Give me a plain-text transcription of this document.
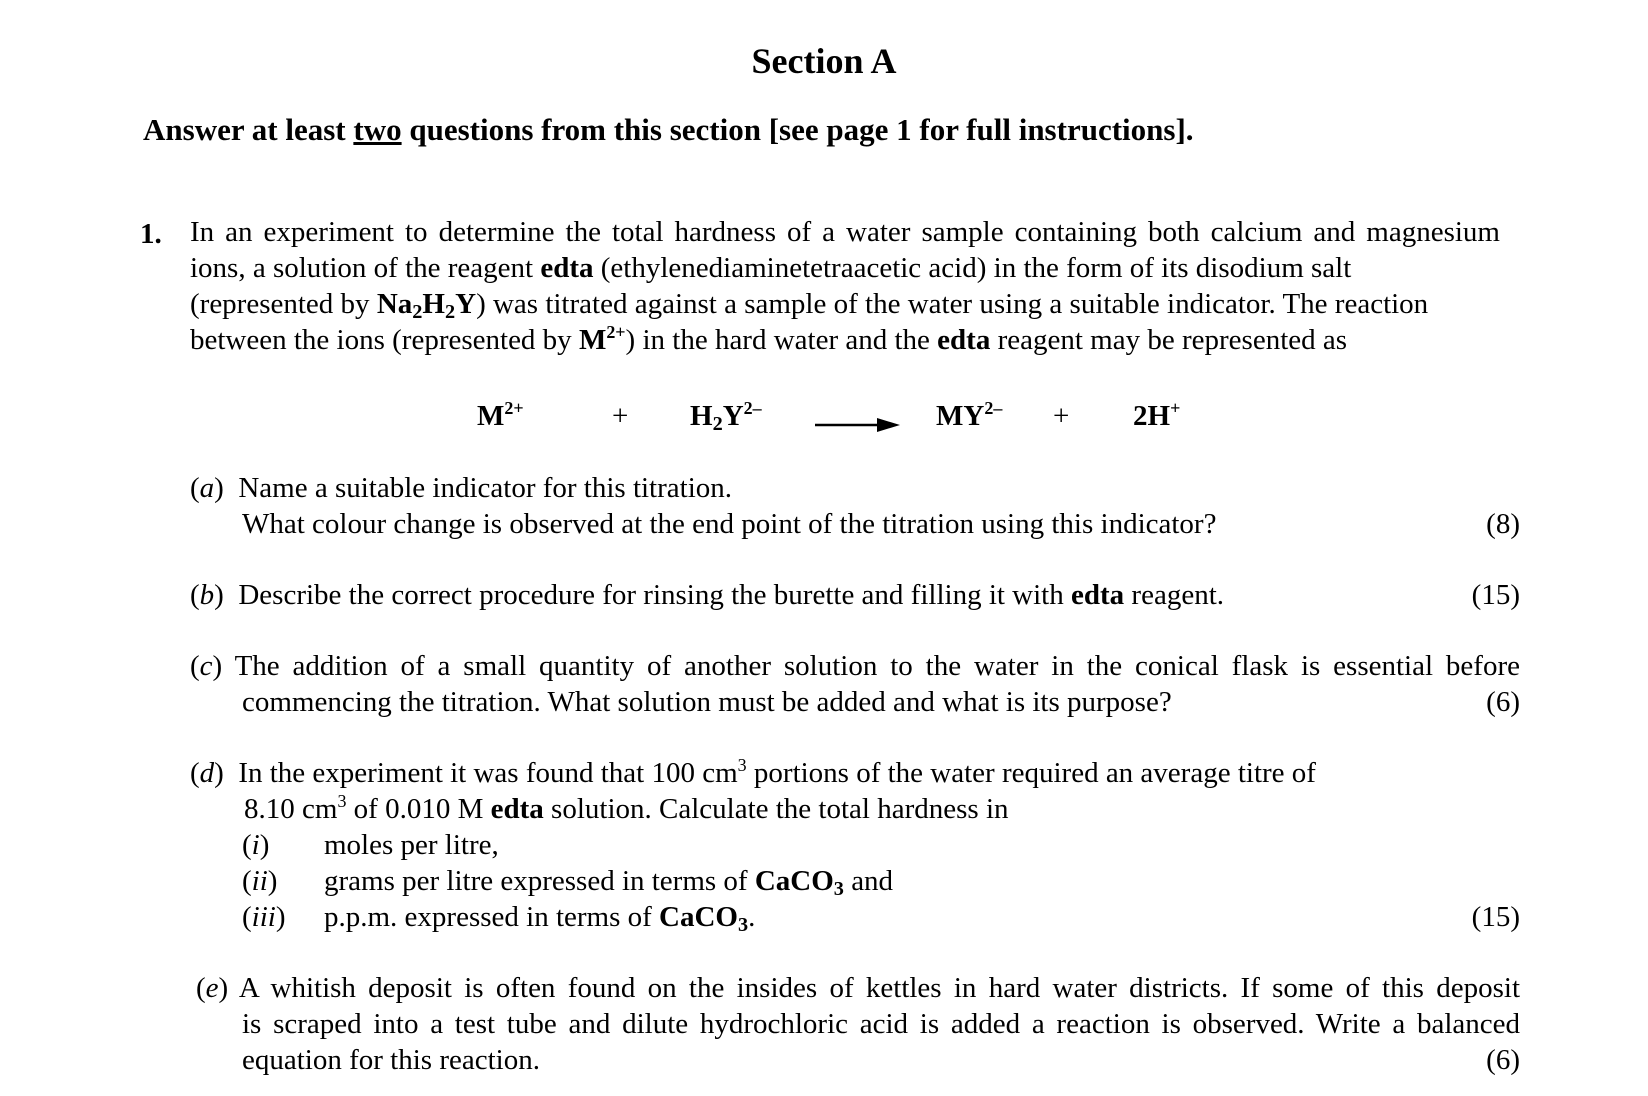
Section A
Answer at least two questions from this section [see page 1 for full instructions].
1. In an experiment to determine the total hardness of a water sample containing both calcium and magnesium
ions, a solution of the reagent edta (ethylenediaminetetraacetic acid) in the form of its disodium salt
(represented by $Na_2H_2Y$) was titrated against a sample of the water using a suitable indicator. The reaction
between the ions (represented by $M^{2+}$) in the hard water and the edta reagent may be represented as
$M^{2+}$	+ $H_2Y^{2-}$	$MY^{2-} + 2H^+$
(a)  Name a suitable indicator for this titration.
What colour change is observed at the end point of the titration using this indicator?	(8)
(b)  Describe the correct procedure for rinsing the burette and filling it with edta reagent.	(15)
(c) The addition of a small quantity of another solution to the water in the conical flask is essential before
commencing the titration. What solution must be added and what is its purpose?	(6)
(d)  In the experiment it was found that 100 $cm^3$ portions of the water required an average titre of
8.10 $cm^3$ of 0.010 M edta solution. Calculate the total hardness in
(i) moles per litre,
(ii) grams per litre expressed in terms of CaCO$_3$ and
(iii) p.p.m. expressed in terms of CaCO$_3$.	(15)
(e) A whitish deposit is often found on the insides of kettles in hard water districts. If some of this deposit
is scraped into a test tube and dilute hydrochloric acid is added a reaction is observed. Write a balanced
equation for this reaction.	(6)
